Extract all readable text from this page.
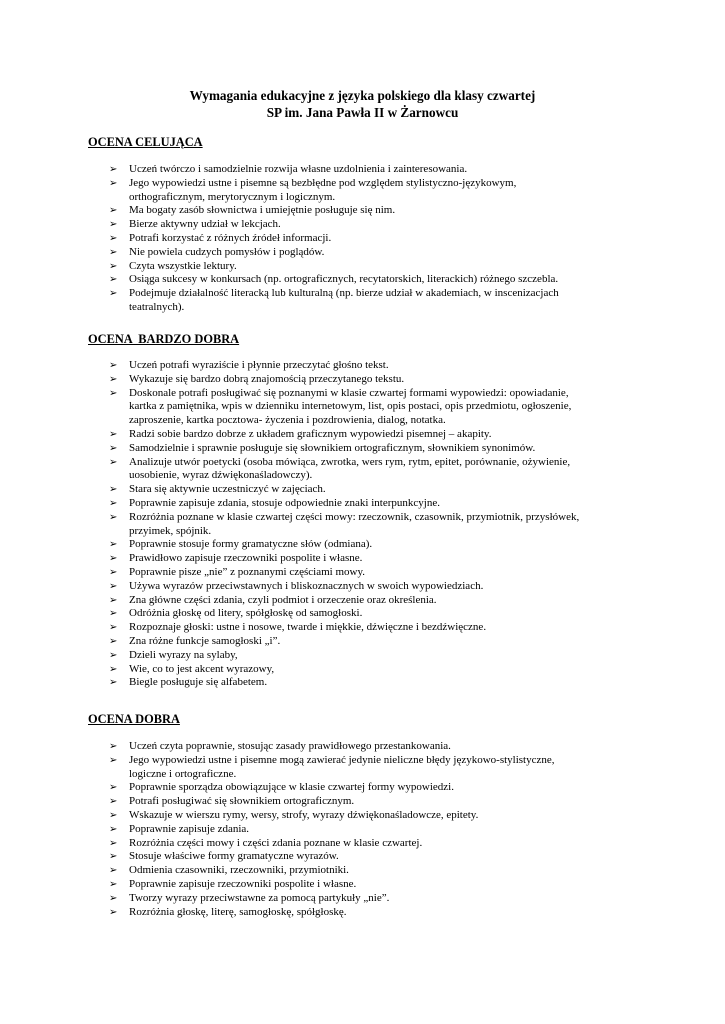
Wymagania edukacyjne z języka polskiego dla klasy czwartej
SP im. Jana Pawła II w Żarnowcu
OCENA CELUJĄCA
➢ Uczeń twórczo i samodzielnie rozwija własne uzdolnienia i zainteresowania.
➢ Jego wypowiedzi ustne i pisemne są bezbłędne pod względem stylistyczno-językowym,
orthograficznym, merytorycznym i logicznym.
➢ Ma bogaty zasób słownictwa i umiejętnie posługuje się nim.
➢ Bierze aktywny udział w lekcjach.
➢ Potrafi korzystać z różnych źródeł informacji.
➢ Nie powiela cudzych pomysłów i poglądów.
➢ Czyta wszystkie lektury.
➢ Osiąga sukcesy w konkursach (np. ortograficznych, recytatorskich, literackich) różnego szczebla.
➢ Podejmuje działalność literacką lub kulturalną (np. bierze udział w akademiach, w inscenizacjach
teatralnych).
OCENA  BARDZO DOBRA
➢ Uczeń potrafi wyraziście i płynnie przeczytać głośno tekst.
➢ Wykazuje się bardzo dobrą znajomością przeczytanego tekstu.
➢ Doskonale potrafi posługiwać się poznanymi w klasie czwartej formami wypowiedzi: opowiadanie,
kartka z pamiętnika, wpis w dzienniku internetowym, list, opis postaci, opis przedmiotu, ogłoszenie,
zaproszenie, kartka pocztowa- życzenia i pozdrowienia, dialog, notatka.
➢ Radzi sobie bardzo dobrze z układem graficznym wypowiedzi pisemnej – akapity.
➢ Samodzielnie i sprawnie posługuje się słownikiem ortograficznym, słownikiem synonimów.
➢ Analizuje utwór poetycki (osoba mówiąca, zwrotka, wers rym, rytm, epitet, porównanie, ożywienie,
uosobienie, wyraz dźwiękonaśladowczy).
➢ Stara się aktywnie uczestniczyć w zajęciach.
➢ Poprawnie zapisuje zdania, stosuje odpowiednie znaki interpunkcyjne.
➢ Rozróżnia poznane w klasie czwartej części mowy: rzeczownik, czasownik, przymiotnik, przysłówek,
przyimek, spójnik.
➢ Poprawnie stosuje formy gramatyczne słów (odmiana).
➢ Prawidłowo zapisuje rzeczowniki pospolite i własne.
➢ Poprawnie pisze „nie” z poznanymi częściami mowy.
➢ Używa wyrazów przeciwstawnych i bliskoznacznych w swoich wypowiedziach.
➢ Zna główne części zdania, czyli podmiot i orzeczenie oraz określenia.
➢ Odróżnia głoskę od litery, spółgłoskę od samogłoski.
➢ Rozpoznaje głoski: ustne i nosowe, twarde i miękkie, dźwięczne i bezdźwięczne.
➢ Zna różne funkcje samogłoski „i”.
➢ Dzieli wyrazy na sylaby,
➢ Wie, co to jest akcent wyrazowy,
➢ Biegle posługuje się alfabetem.
OCENA DOBRA
➢ Uczeń czyta poprawnie, stosując zasady prawidłowego przestankowania.
➢ Jego wypowiedzi ustne i pisemne mogą zawierać jedynie nieliczne błędy językowo-stylistyczne,
logiczne i ortograficzne.
➢ Poprawnie sporządza obowiązujące w klasie czwartej formy wypowiedzi.
➢ Potrafi posługiwać się słownikiem ortograficznym.
➢ Wskazuje w wierszu rymy, wersy, strofy, wyrazy dźwiękonaśladowcze, epitety.
➢ Poprawnie zapisuje zdania.
➢ Rozróżnia części mowy i części zdania poznane w klasie czwartej.
➢ Stosuje właściwe formy gramatyczne wyrazów.
➢ Odmienia czasowniki, rzeczowniki, przymiotniki.
➢ Poprawnie zapisuje rzeczowniki pospolite i własne.
➢ Tworzy wyrazy przeciwstawne za pomocą partykuły „nie”.
➢ Rozróżnia głoskę, literę, samogłoskę, spółgłoskę.
